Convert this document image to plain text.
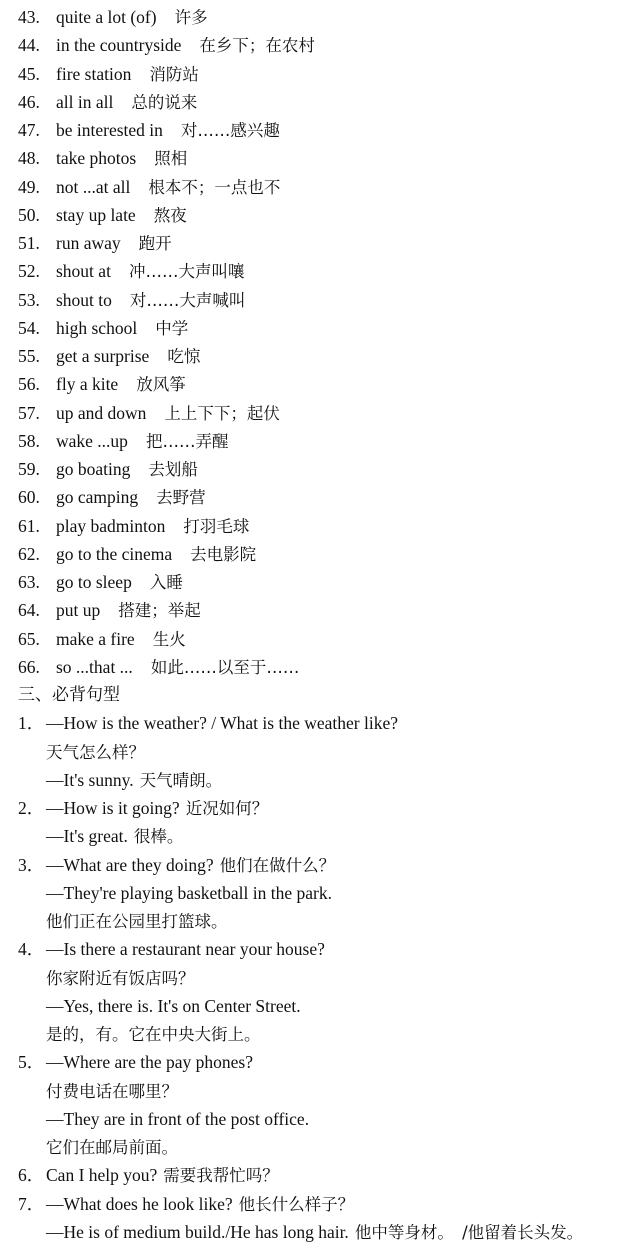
43. quite a lot (of) 许多
44. in the countryside 在乡下；在农村
45. fire station 消防站
46. all in all 总的说来
47. be interested in 对……感兴趣
48. take photos 照相
49. not ...at all 根本不；一点也不
50. stay up late 熬夜
51. run away 跑开
52. shout at 冲……大声叫嚷
53. shout to 对……大声喊叫
54. high school 中学
55. get a surprise 吃惊
56. fly a kite 放风筝
57. up and down 上上下下；起伏
58. wake ...up 把……弄醒
59. go boating 去划船
60. go camping 去野营
61. play badminton 打羽毛球
62. go to the cinema 去电影院
63. go to sleep 入睡
64. put up 搭建；举起
65. make a fire 生火
66. so ...that ... 如此……以至于……
三、必背句型
1． —How is the weather? / What is the weather like?
天气怎么样？
—It's sunny. 天气晴朗。
2． —How is it going? 近况如何？
—It's great. 很棒。
3． —What are they doing? 他们在做什么？
—They're playing basketball in the park.
他们正在公园里打篮球。
4． —Is there a restaurant near your house?
你家附近有饭店吗？
—Yes, there is. It's on Center Street.
是的，有。它在中央大街上。
5． —Where are the pay phones?
付费电话在哪里？
—They are in front of the post office.
它们在邮局前面。
6． Can I help you? 需要我帮忙吗？
7． —What does he look like? 他长什么样子？
—He is of medium build./He has long hair. 他中等身材。　/他留着长头发。
